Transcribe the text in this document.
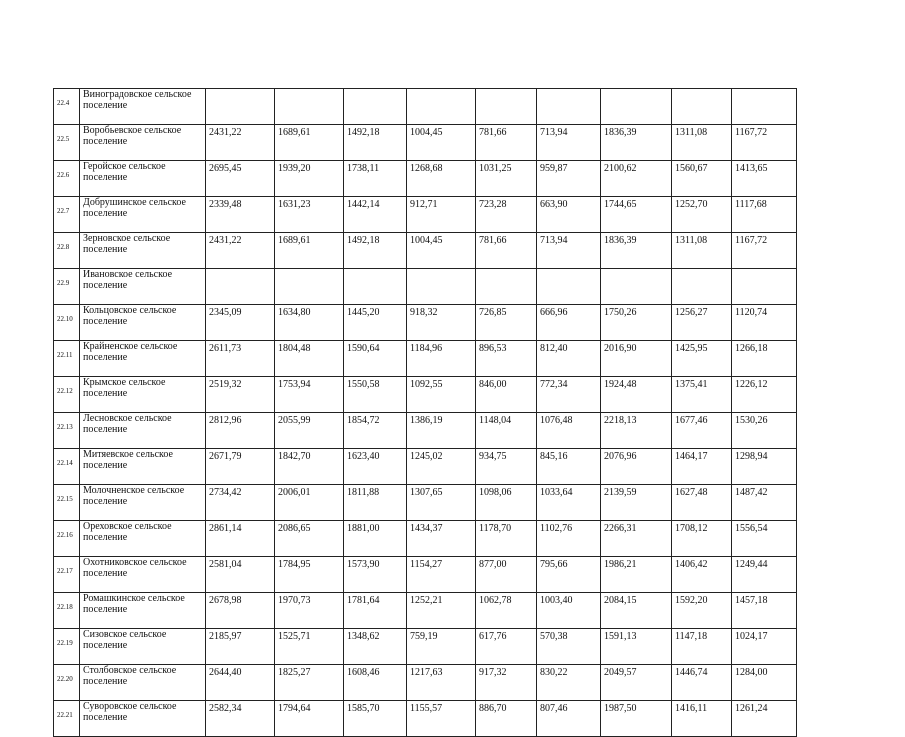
22.4	Виноградовское сельское поселение									
22.5	Воробьевское сельское поселение	2431,22	1689,61	1492,18	1004,45	781,66	713,94	1836,39	1311,08	1167,72
22.6	Геройское сельское поселение	2695,45	1939,20	1738,11	1268,68	1031,25	959,87	2100,62	1560,67	1413,65
22.7	Добрушинское сельское поселение	2339,48	1631,23	1442,14	912,71	723,28	663,90	1744,65	1252,70	1117,68
22.8	Зерновское сельское поселение	2431,22	1689,61	1492,18	1004,45	781,66	713,94	1836,39	1311,08	1167,72
22.9	Ивановское сельское поселение									
22.10	Кольцовское сельское поселение	2345,09	1634,80	1445,20	918,32	726,85	666,96	1750,26	1256,27	1120,74
22.11	Крайненское сельское поселение	2611,73	1804,48	1590,64	1184,96	896,53	812,40	2016,90	1425,95	1266,18
22.12	Крымское сельское поселение	2519,32	1753,94	1550,58	1092,55	846,00	772,34	1924,48	1375,41	1226,12
22.13	Лесновское сельское поселение	2812,96	2055,99	1854,72	1386,19	1148,04	1076,48	2218,13	1677,46	1530,26
22.14	Митяевское сельское поселение	2671,79	1842,70	1623,40	1245,02	934,75	845,16	2076,96	1464,17	1298,94
22.15	Молочненское сельское поселение	2734,42	2006,01	1811,88	1307,65	1098,06	1033,64	2139,59	1627,48	1487,42
22.16	Ореховское сельское поселение	2861,14	2086,65	1881,00	1434,37	1178,70	1102,76	2266,31	1708,12	1556,54
22.17	Охотниковское сельское поселение	2581,04	1784,95	1573,90	1154,27	877,00	795,66	1986,21	1406,42	1249,44
22.18	Ромашкинское сельское поселение	2678,98	1970,73	1781,64	1252,21	1062,78	1003,40	2084,15	1592,20	1457,18
22.19	Сизовское сельское поселение	2185,97	1525,71	1348,62	759,19	617,76	570,38	1591,13	1147,18	1024,17
22.20	Столбовское сельское поселение	2644,40	1825,27	1608,46	1217,63	917,32	830,22	2049,57	1446,74	1284,00
22.21	Суворовское сельское поселение	2582,34	1794,64	1585,70	1155,57	886,70	807,46	1987,50	1416,11	1261,24
